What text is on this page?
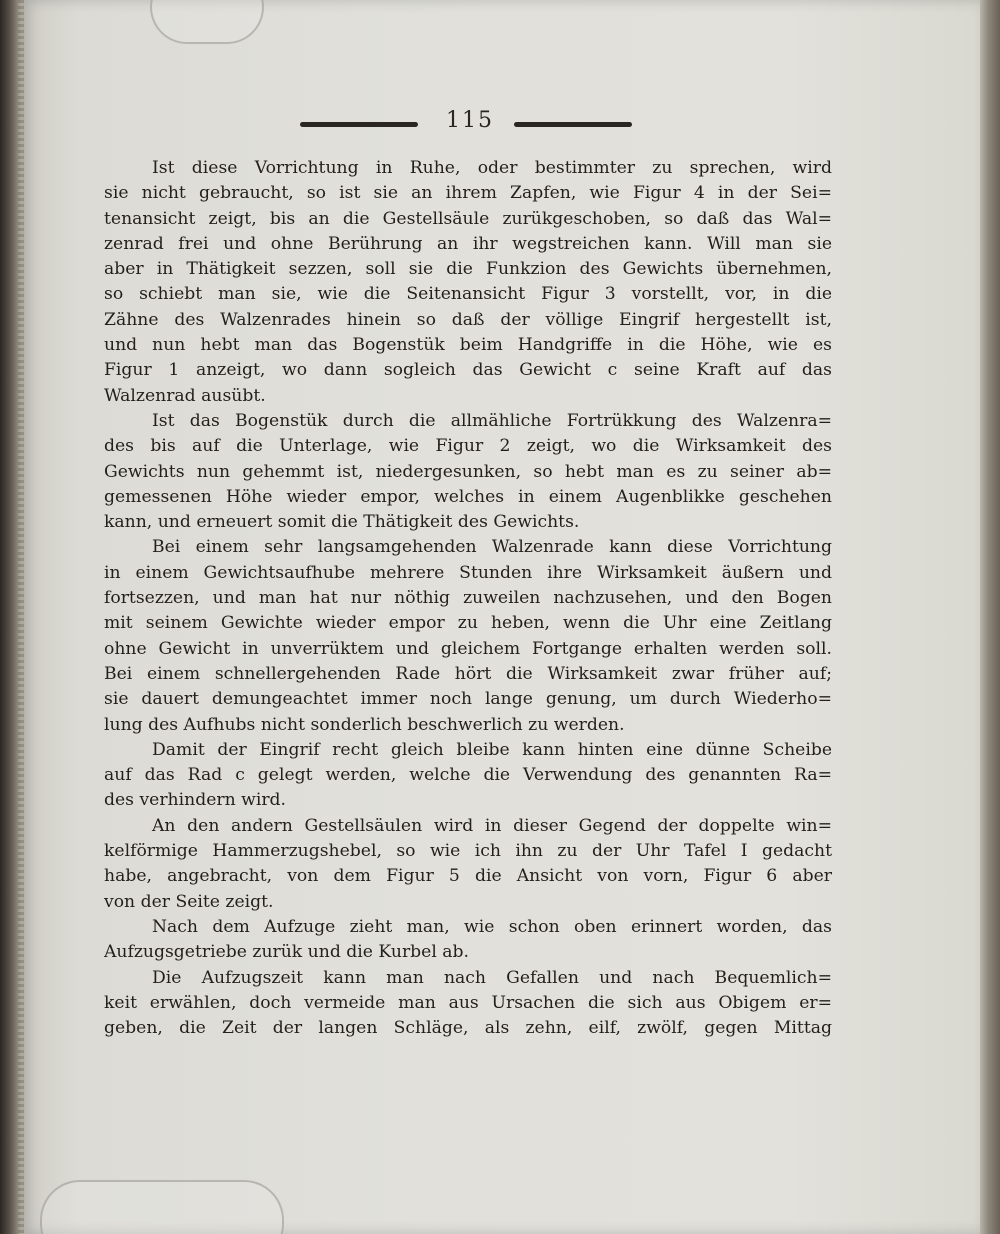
115
Ist diese Vorrichtung in Ruhe, oder bestimmter zu sprechen, wird
sie nicht gebraucht, so ist sie an ihrem Zapfen, wie Figur 4 in der Sei=
tenansicht zeigt, bis an die Gestellsäule zurükgeschoben, so daß das Wal=
zenrad frei und ohne Berührung an ihr wegstreichen kann. Will man sie
aber in Thätigkeit sezzen, soll sie die Funkzion des Gewichts übernehmen,
so schiebt man sie, wie die Seitenansicht Figur 3 vorstellt, vor, in die
Zähne des Walzenrades hinein so daß der völlige Eingrif hergestellt ist,
und nun hebt man das Bogenstük beim Handgriffe in die Höhe, wie es
Figur 1 anzeigt, wo dann sogleich das Gewicht c seine Kraft auf das
Walzenrad ausübt.
Ist das Bogenstük durch die allmähliche Fortrükkung des Walzenra=
des bis auf die Unterlage, wie Figur 2 zeigt, wo die Wirksamkeit des
Gewichts nun gehemmt ist, niedergesunken, so hebt man es zu seiner ab=
gemessenen Höhe wieder empor, welches in einem Augenblikke geschehen
kann, und erneuert somit die Thätigkeit des Gewichts.
Bei einem sehr langsamgehenden Walzenrade kann diese Vorrichtung
in einem Gewichtsaufhube mehrere Stunden ihre Wirksamkeit äußern und
fortsezzen, und man hat nur nöthig zuweilen nachzusehen, und den Bogen
mit seinem Gewichte wieder empor zu heben, wenn die Uhr eine Zeitlang
ohne Gewicht in unverrüktem und gleichem Fortgange erhalten werden soll.
Bei einem schnellergehenden Rade hört die Wirksamkeit zwar früher auf;
sie dauert demungeachtet immer noch lange genung, um durch Wiederho=
lung des Aufhubs nicht sonderlich beschwerlich zu werden.
Damit der Eingrif recht gleich bleibe kann hinten eine dünne Scheibe
auf das Rad c gelegt werden, welche die Verwendung des genannten Ra=
des verhindern wird.
An den andern Gestellsäulen wird in dieser Gegend der doppelte win=
kelförmige Hammerzugshebel, so wie ich ihn zu der Uhr Tafel I gedacht
habe, angebracht, von dem Figur 5 die Ansicht von vorn, Figur 6 aber
von der Seite zeigt.
Nach dem Aufzuge zieht man, wie schon oben erinnert worden, das
Aufzugsgetriebe zurük und die Kurbel ab.
Die Aufzugszeit kann man nach Gefallen und nach Bequemlich=
keit erwählen, doch vermeide man aus Ursachen die sich aus Obigem er=
geben, die Zeit der langen Schläge, als zehn, eilf, zwölf, gegen Mittag
